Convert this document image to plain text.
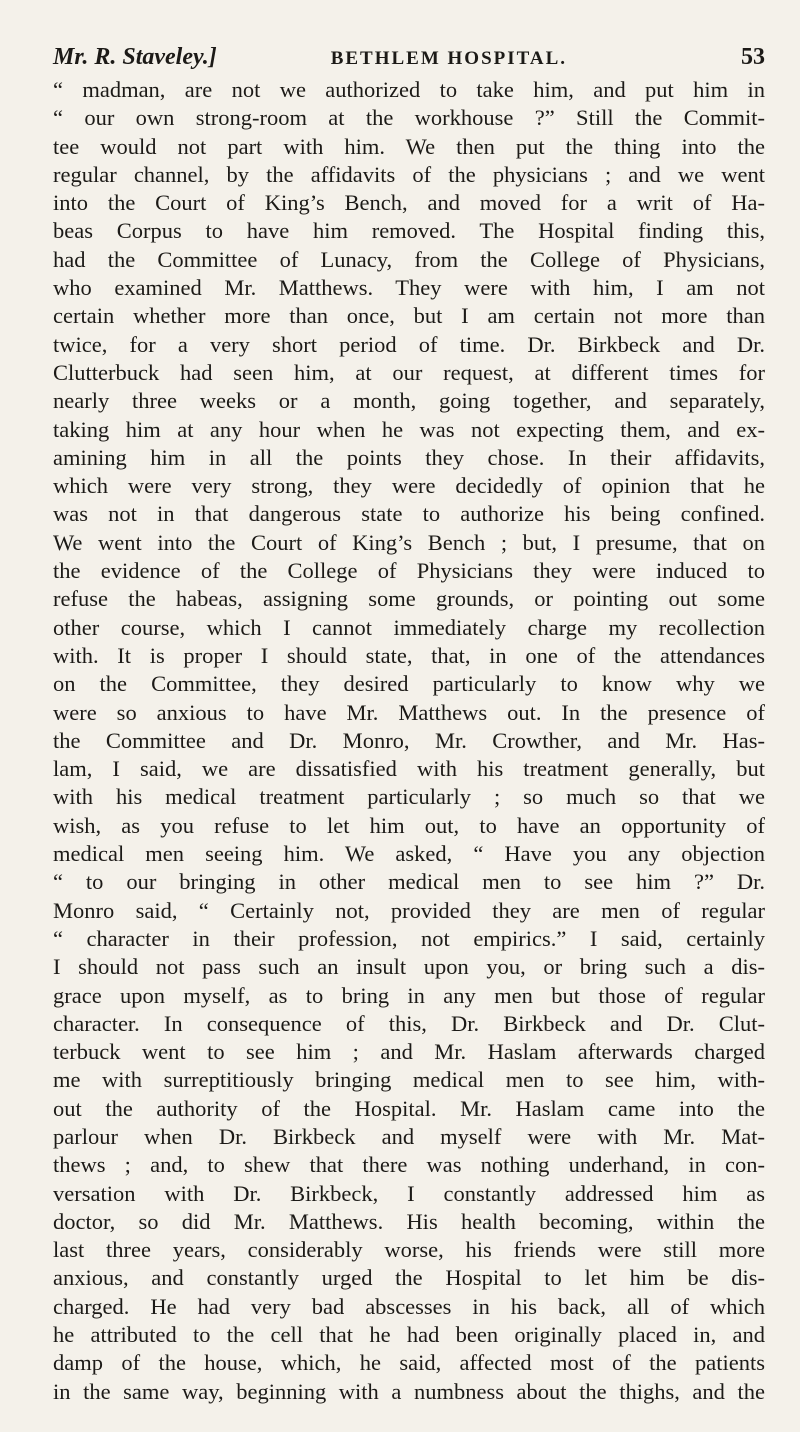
Mr. R. Staveley.]	BETHLEM HOSPITAL.	53
“ madman, are not we authorized to take him, and put him in
“ our own strong-room at the workhouse ?” Still the Commit-
tee would not part with him. We then put the thing into the
regular channel, by the affidavits of the physicians ; and we went
into the Court of King’s Bench, and moved for a writ of Ha-
beas Corpus to have him removed. The Hospital finding this,
had the Committee of Lunacy, from the College of Physicians,
who examined Mr. Matthews. They were with him, I am not
certain whether more than once, but I am certain not more than
twice, for a very short period of time. Dr. Birkbeck and Dr.
Clutterbuck had seen him, at our request, at different times for
nearly three weeks or a month, going together, and separately,
taking him at any hour when he was not expecting them, and ex-
amining him in all the points they chose. In their affidavits,
which were very strong, they were decidedly of opinion that he
was not in that dangerous state to authorize his being confined.
We went into the Court of King’s Bench ; but, I presume, that on
the evidence of the College of Physicians they were induced to
refuse the habeas, assigning some grounds, or pointing out some
other course, which I cannot immediately charge my recollection
with. It is proper I should state, that, in one of the attendances
on the Committee, they desired particularly to know why we
were so anxious to have Mr. Matthews out. In the presence of
the Committee and Dr. Monro, Mr. Crowther, and Mr. Has-
lam, I said, we are dissatisfied with his treatment generally, but
with his medical treatment particularly ; so much so that we
wish, as you refuse to let him out, to have an opportunity of
medical men seeing him. We asked, “ Have you any objection
“ to our bringing in other medical men to see him ?” Dr.
Monro said, “ Certainly not, provided they are men of regular
“ character in their profession, not empirics.” I said, certainly
I should not pass such an insult upon you, or bring such a dis-
grace upon myself, as to bring in any men but those of regular
character. In consequence of this, Dr. Birkbeck and Dr. Clut-
terbuck went to see him ; and Mr. Haslam afterwards charged
me with surreptitiously bringing medical men to see him, with-
out the authority of the Hospital. Mr. Haslam came into the
parlour when Dr. Birkbeck and myself were with Mr. Mat-
thews ; and, to shew that there was nothing underhand, in con-
versation with Dr. Birkbeck, I constantly addressed him as
doctor, so did Mr. Matthews. His health becoming, within the
last three years, considerably worse, his friends were still more
anxious, and constantly urged the Hospital to let him be dis-
charged. He had very bad abscesses in his back, all of which
he attributed to the cell that he had been originally placed in, and
damp of the house, which, he said, affected most of the patients
in the same way, beginning with a numbness about the thighs, and the
